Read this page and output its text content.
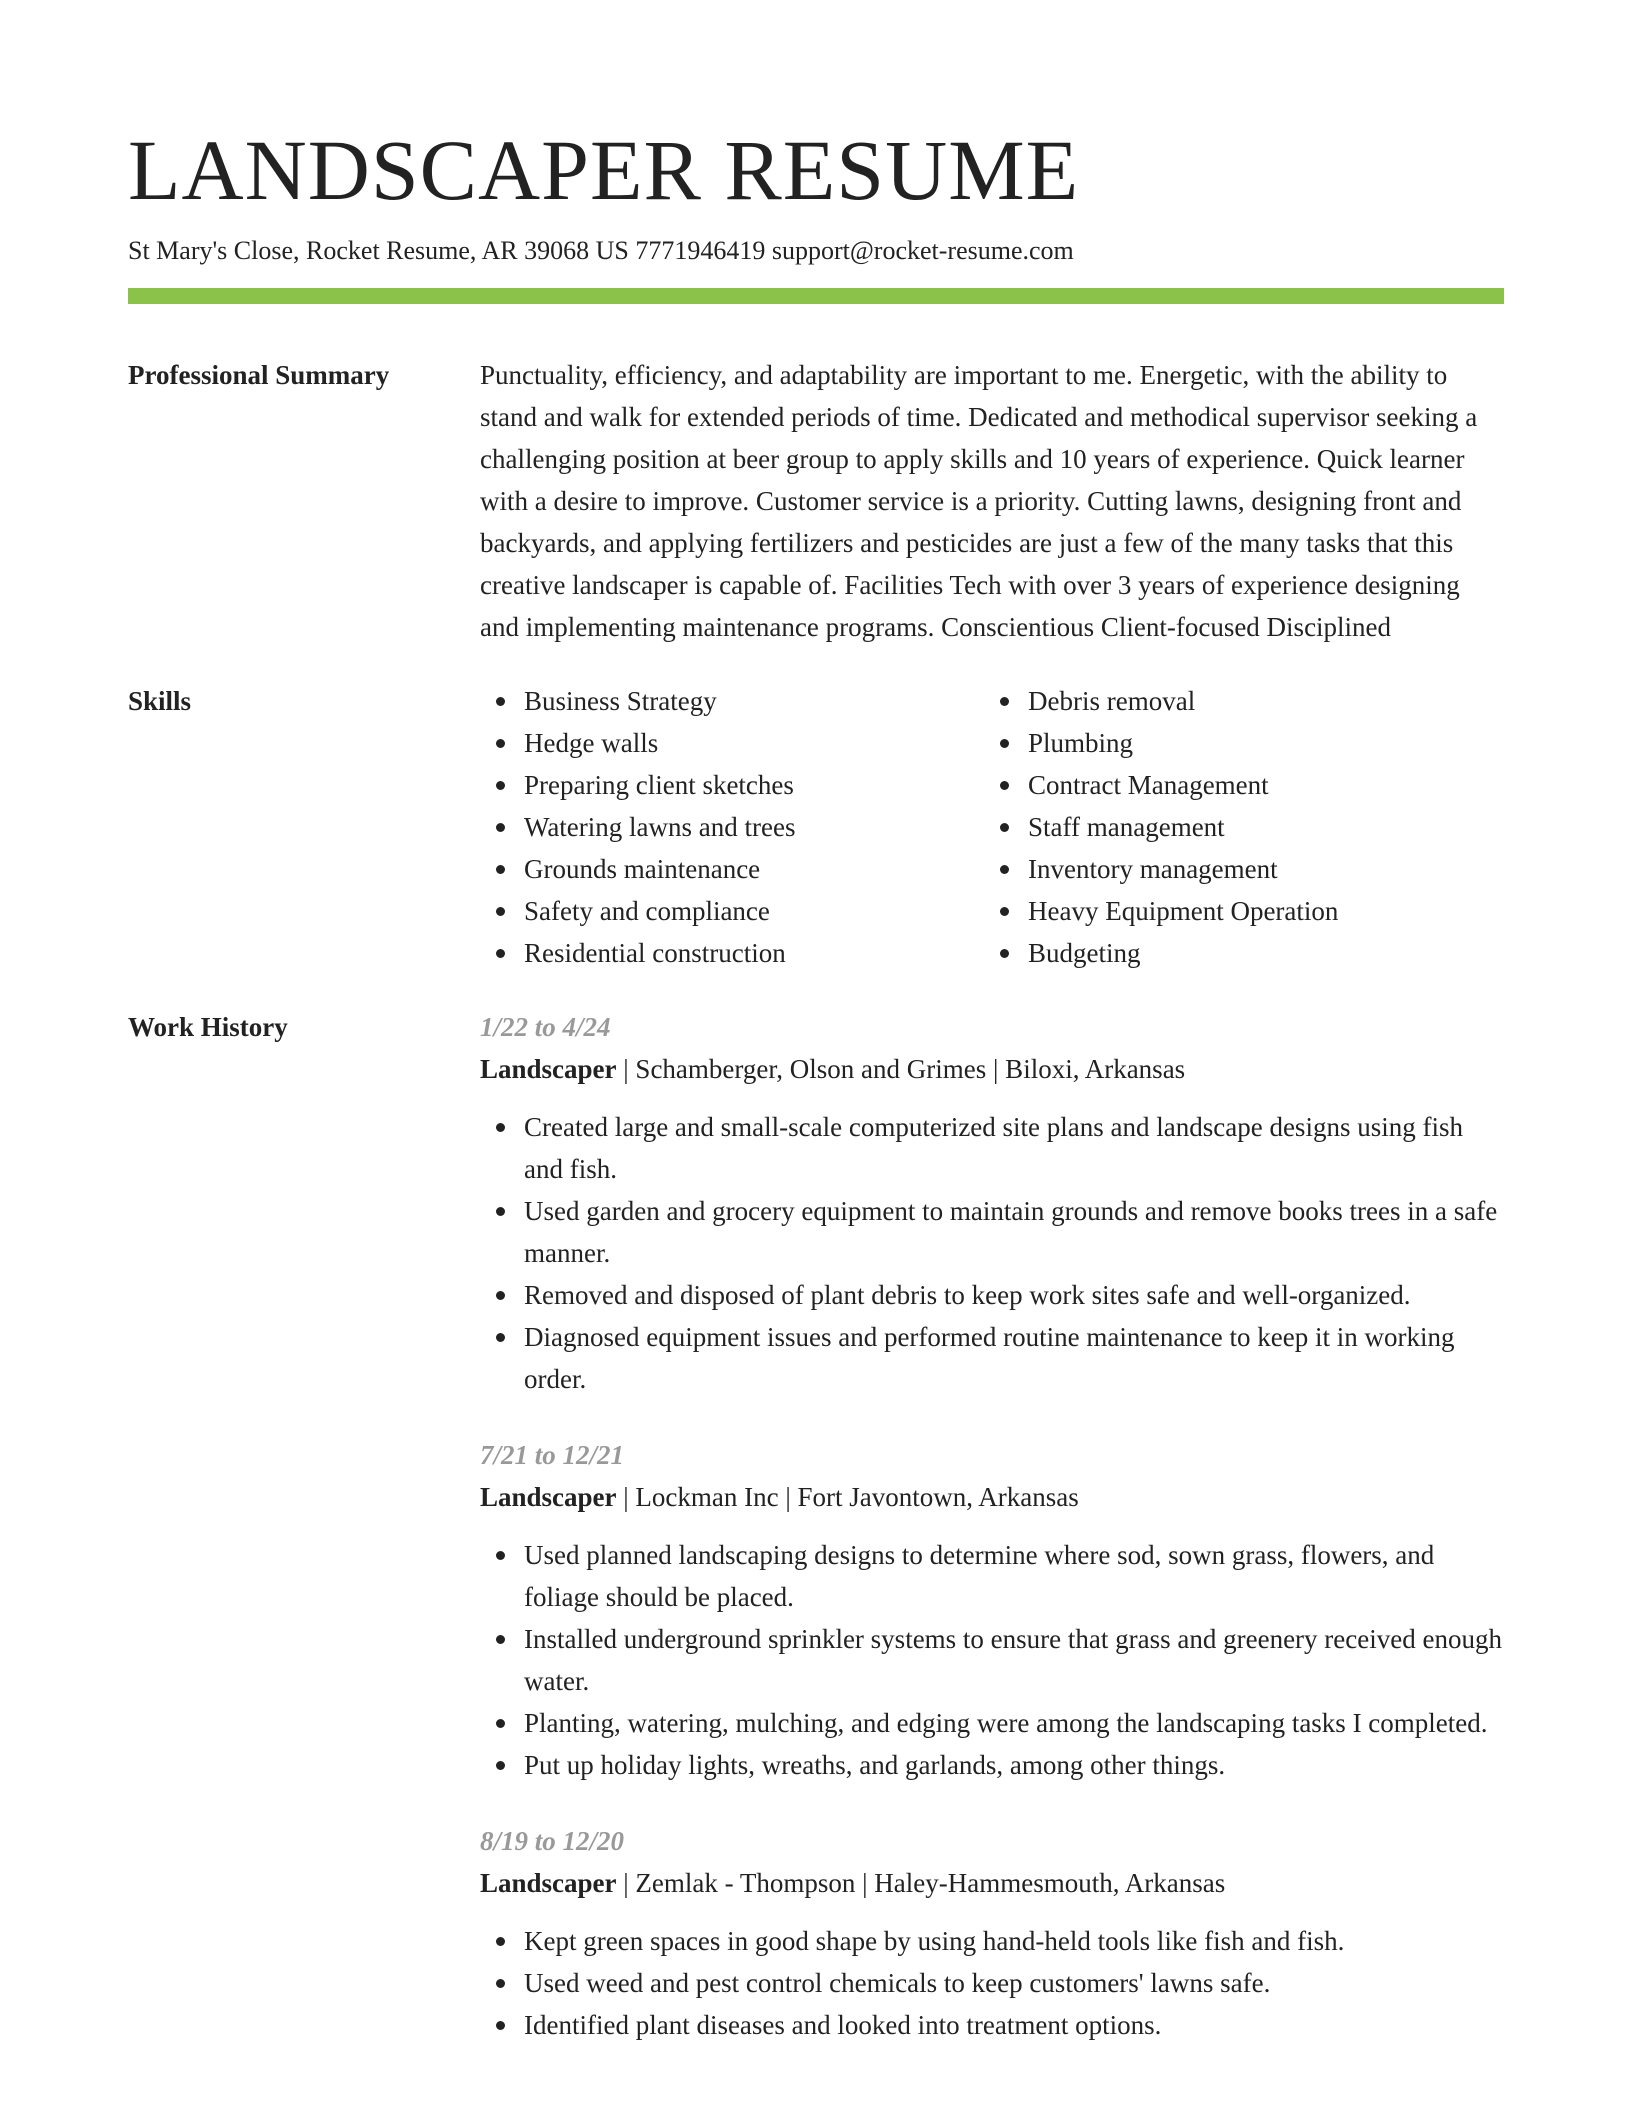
LANDSCAPER RESUME
St Mary's Close, Rocket Resume, AR 39068 US 7771946419 support@rocket-resume.com
Professional Summary	Punctuality, efficiency, and adaptability are important to me. Energetic, with the ability to stand and walk for extended periods of time. Dedicated and methodical supervisor seeking a challenging position at beer group to apply skills and 10 years of experience. Quick learner with a desire to improve. Customer service is a priority. Cutting lawns, designing front and backyards, and applying fertilizers and pesticides are just a few of the many tasks that this creative landscaper is capable of. Facilities Tech with over 3 years of experience designing and implementing maintenance programs. Conscientious Client-focused Disciplined

Skills	Business Strategy
Hedge walls
Preparing client sketches
Watering lawns and trees
Grounds maintenance
Safety and compliance
Residential construction
Debris removal
Plumbing
Contract Management
Staff management
Inventory management
Heavy Equipment Operation
Budgeting
Work History	1/22 to 4/24
Landscaper | Schamberger, Olson and Grimes | Biloxi, Arkansas
Created large and small-scale computerized site plans and landscape designs using fish and fish.
Used garden and grocery equipment to maintain grounds and remove books trees in a safe manner.
Removed and disposed of plant debris to keep work sites safe and well-organized.
Diagnosed equipment issues and performed routine maintenance to keep it in working order.
7/21 to 12/21
Landscaper | Lockman Inc | Fort Javontown, Arkansas
Used planned landscaping designs to determine where sod, sown grass, flowers, and foliage should be placed.
Installed underground sprinkler systems to ensure that grass and greenery received enough water.
Planting, watering, mulching, and edging were among the landscaping tasks I completed.
Put up holiday lights, wreaths, and garlands, among other things.
8/19 to 12/20
Landscaper | Zemlak - Thompson | Haley-Hammesmouth, Arkansas
Kept green spaces in good shape by using hand-held tools like fish and fish.
Used weed and pest control chemicals to keep customers' lawns safe.
Identified plant diseases and looked into treatment options.
